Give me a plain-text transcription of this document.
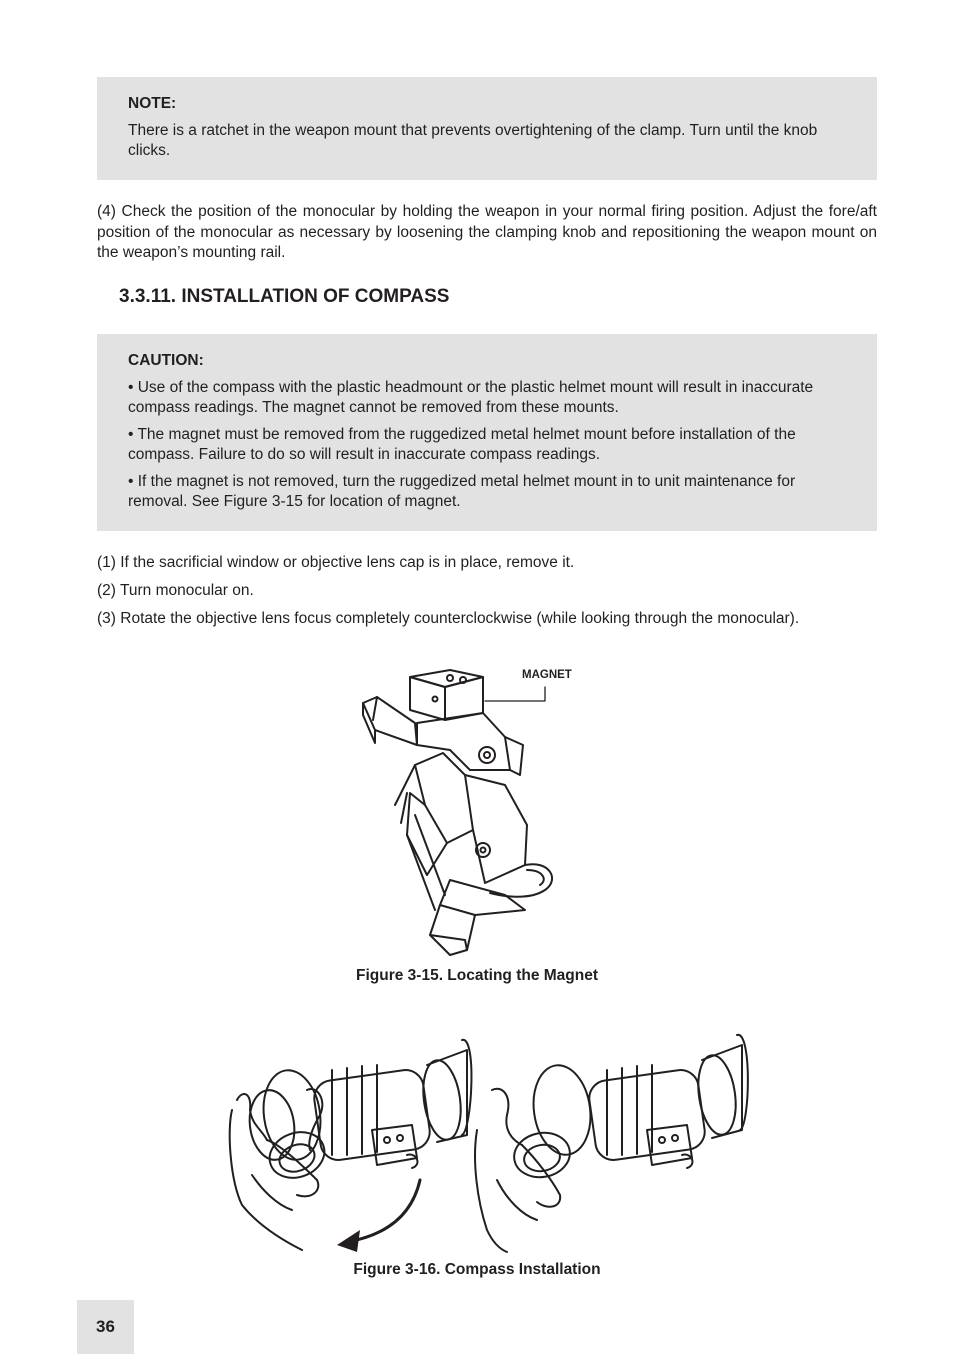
NOTE:

There is a ratchet in the weapon mount that prevents overtightening of the clamp. Turn until the knob clicks.

(4) Check the position of the monocular by holding the weapon in your normal firing position. Adjust the fore/aft position of the monocular as necessary by loosening the clamping knob and repositioning the weapon mount on the weapon’s mounting rail.

3.3.11. INSTALLATION OF COMPASS
CAUTION:

• Use of the compass with the plastic headmount or the plastic helmet mount will result in inaccurate compass readings. The magnet cannot be removed from these mounts.

• The magnet must be removed from the ruggedized metal helmet mount before installation of the compass. Failure to do so will result in inaccurate compass readings.

• If the magnet is not removed, turn the ruggedized metal helmet mount in to unit maintenance for removal. See Figure 3-15 for location of magnet.

(1) If the sacrificial window or objective lens cap is in place, remove it.

(2) Turn monocular on.

(3) Rotate the objective lens focus completely counterclockwise (while looking through the monocular).

MAGNET

Figure 3-15. Locating the Magnet

Figure 3-16. Compass Installation

36
